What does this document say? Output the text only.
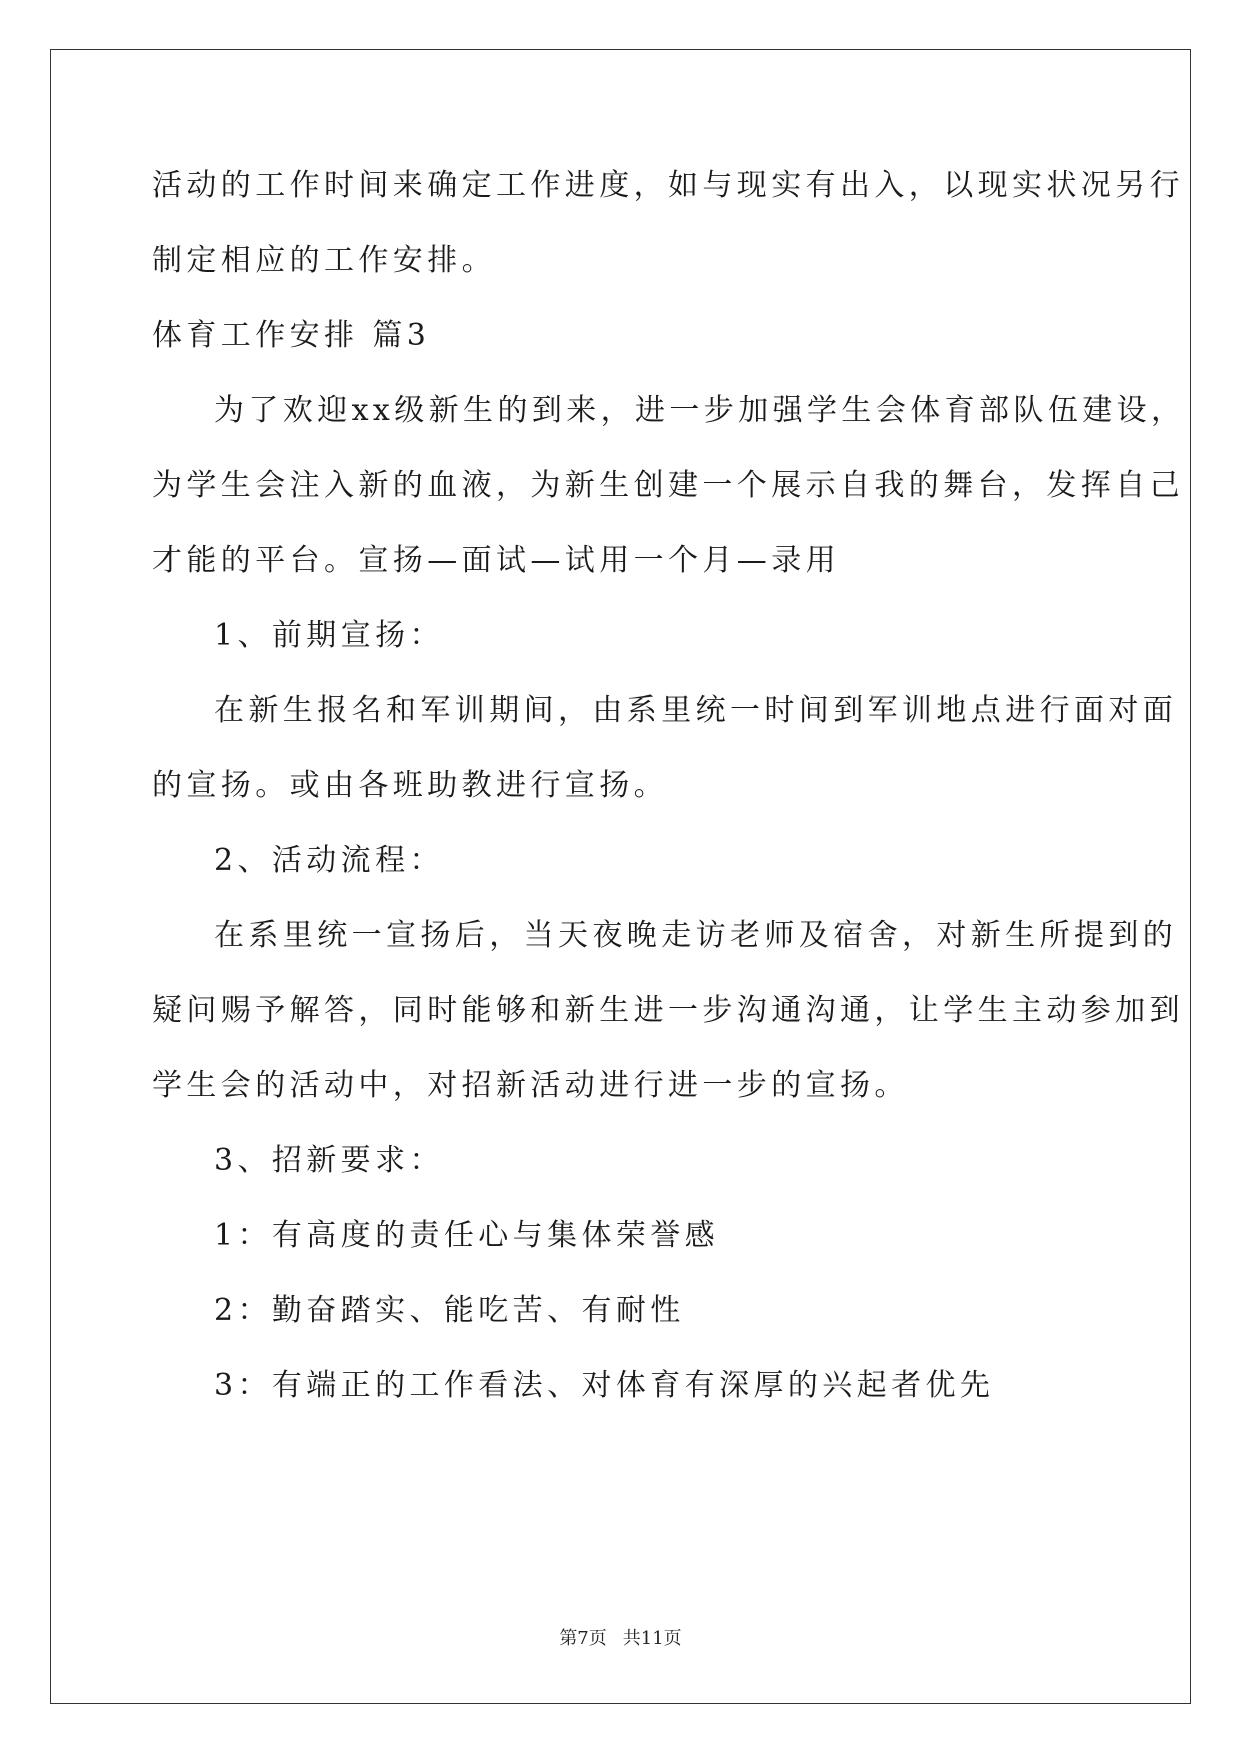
活动的工作时间来确定工作进度，如与现实有出入，以现实状况另行
制定相应的工作安排。
体育工作安排 篇3
为了欢迎xx级新生的到来，进一步加强学生会体育部队伍建设，
为学生会注入新的血液，为新生创建一个展示自我的舞台，发挥自己
才能的平台。宣扬—面试—试用一个月—录用
1、前期宣扬：
在新生报名和军训期间，由系里统一时间到军训地点进行面对面
的宣扬。或由各班助教进行宣扬。
2、活动流程：
在系里统一宣扬后，当天夜晚走访老师及宿舍，对新生所提到的
疑问赐予解答，同时能够和新生进一步沟通沟通，让学生主动参加到
学生会的活动中，对招新活动进行进一步的宣扬。
3、招新要求：
1：有高度的责任心与集体荣誉感
2：勤奋踏实、能吃苦、有耐性
3：有端正的工作看法、对体育有深厚的兴起者优先
第7页 共11页
